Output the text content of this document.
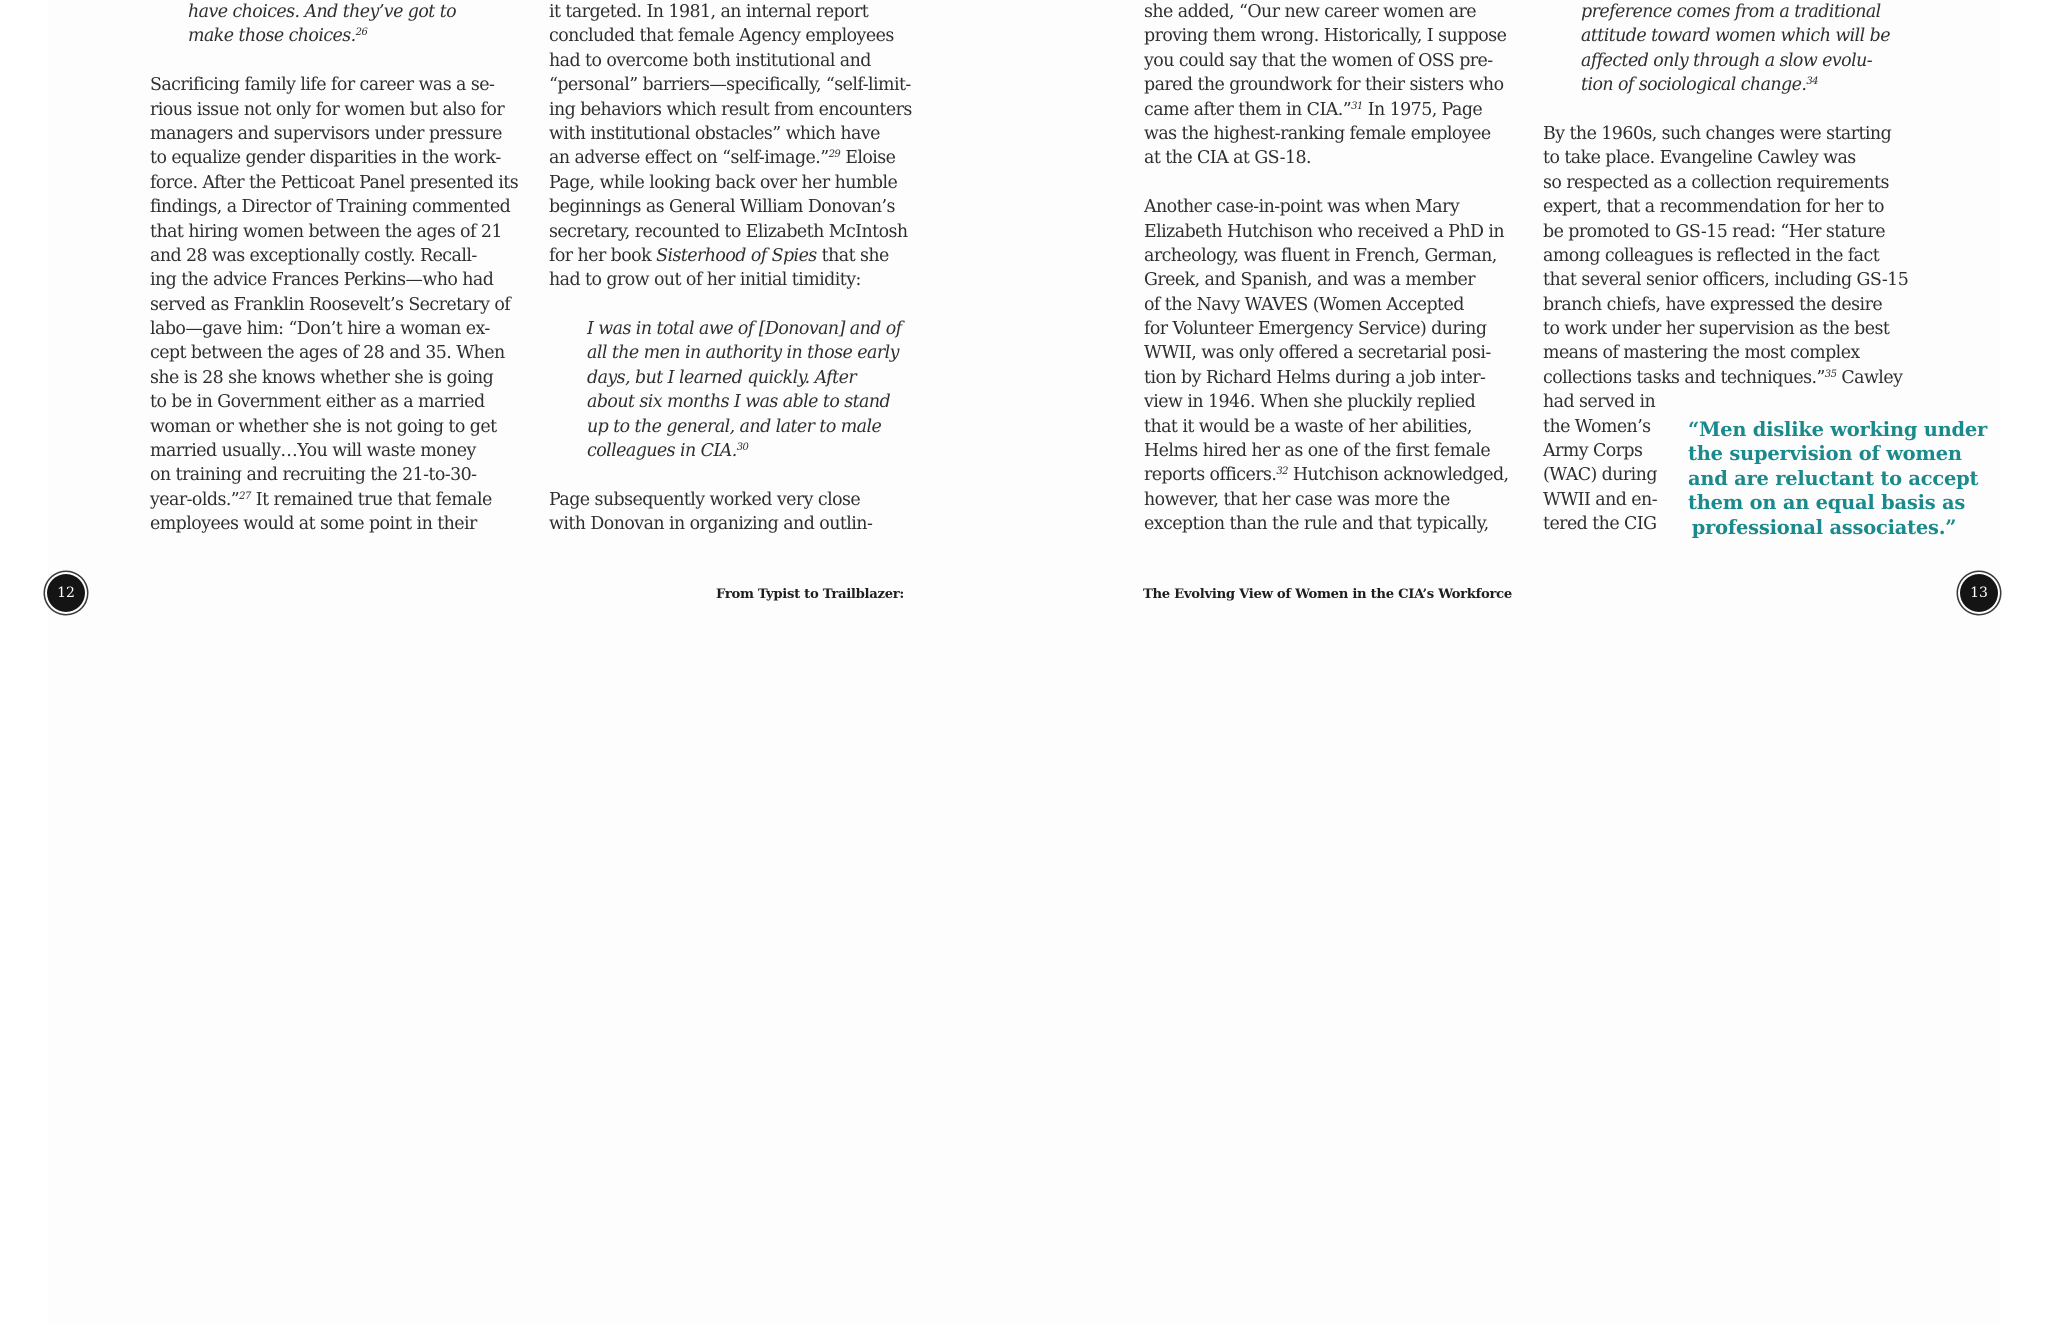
have choices. And they’ve got to
make those choices.$^{26}$
Sacrificing family life for career was a se-
rious issue not only for women but also for
managers and supervisors under pressure
to equalize gender disparities in the work-
force. After the Petticoat Panel presented its
findings, a Director of Training commented
that hiring women between the ages of 21
and 28 was exceptionally costly. Recall-
ing the advice Frances Perkins—who had
served as Franklin Roosevelt’s Secretary of
labo—gave him: “Don’t hire a woman ex-
cept between the ages of 28 and 35. When
she is 28 she knows whether she is going
to be in Government either as a married
woman or whether she is not going to get
married usually…You will waste money
on training and recruiting the 21-to-30-
year-olds.”$^{27}$ It remained true that female
employees would at some point in their
it targeted. In 1981, an internal report
concluded that female Agency employees
had to overcome both institutional and
“personal” barriers—specifically, “self-limit-
ing behaviors which result from encounters
with institutional obstacles” which have
an adverse effect on “self-image.”$^{29}$ Eloise
Page, while looking back over her humble
beginnings as General William Donovan’s
secretary, recounted to Elizabeth McIntosh
for her book Sisterhood of Spies that she
had to grow out of her initial timidity:
I was in total awe of [Donovan] and of
all the men in authority in those early
days, but I learned quickly. After
about six months I was able to stand
up to the general, and later to male
colleagues in CIA.$^{30}$
Page subsequently worked very close
with Donovan in organizing and outlin-
she added, “Our new career women are
proving them wrong. Historically, I suppose
you could say that the women of OSS pre-
pared the groundwork for their sisters who
came after them in CIA.”$^{31}$ In 1975, Page
was the highest-ranking female employee
at the CIA at GS-18.
Another case-in-point was when Mary
Elizabeth Hutchison who received a PhD in
archeology, was fluent in French, German,
Greek, and Spanish, and was a member
of the Navy WAVES (Women Accepted
for Volunteer Emergency Service) during
WWII, was only offered a secretarial posi-
tion by Richard Helms during a job inter-
view in 1946. When she pluckily replied
that it would be a waste of her abilities,
Helms hired her as one of the first female
reports officers.$^{32}$ Hutchison acknowledged,
however, that her case was more the
exception than the rule and that typically,
preference comes from a traditional
attitude toward women which will be
affected only through a slow evolu-
tion of sociological change.$^{34}$
By the 1960s, such changes were starting
to take place. Evangeline Cawley was
so respected as a collection requirements
expert, that a recommendation for her to
be promoted to GS-15 read: “Her stature
among colleagues is reflected in the fact
that several senior officers, including GS-15
branch chiefs, have expressed the desire
to work under her supervision as the best
means of mastering the most complex
collections tasks and techniques.”$^{35}$ Cawley
had served in
the Women’s
Army Corps
(WAC) during
WWII and en-
tered the CIG
“Men dislike working under
the supervision of women
and are reluctant to accept
them on an equal basis as
professional associates.”
12	13
From Typist to Trailblazer:	The Evolving View of Women in the CIA’s Workforce
